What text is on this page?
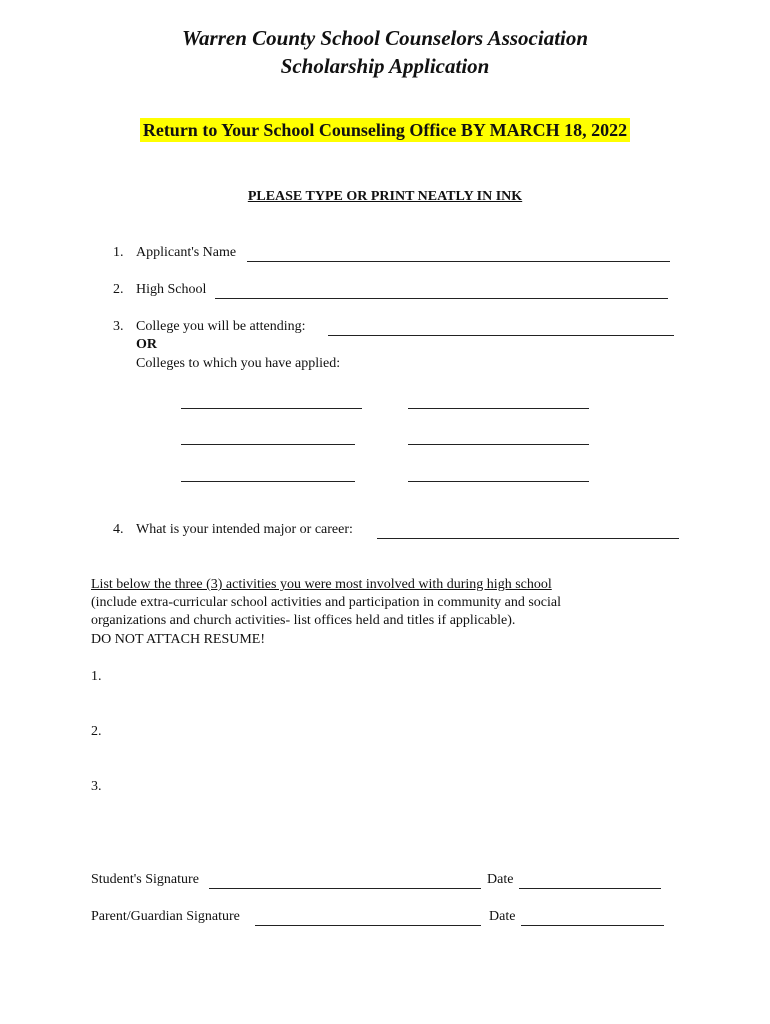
Warren County School Counselors Association
Scholarship Application
Return to Your School Counseling Office BY MARCH 18, 2022
PLEASE TYPE OR PRINT NEATLY IN INK
1. Applicant's Name
2. High School
3. College you will be attending:
OR
Colleges to which you have applied:
4. What is your intended major or career:
List below the three (3) activities you were most involved with during high school
(include extra-curricular school activities and participation in community and social
organizations and church activities- list offices held and titles if applicable).
DO NOT ATTACH RESUME!
1.
2.
3.
Student's Signature	Date
Parent/Guardian Signature	Date
